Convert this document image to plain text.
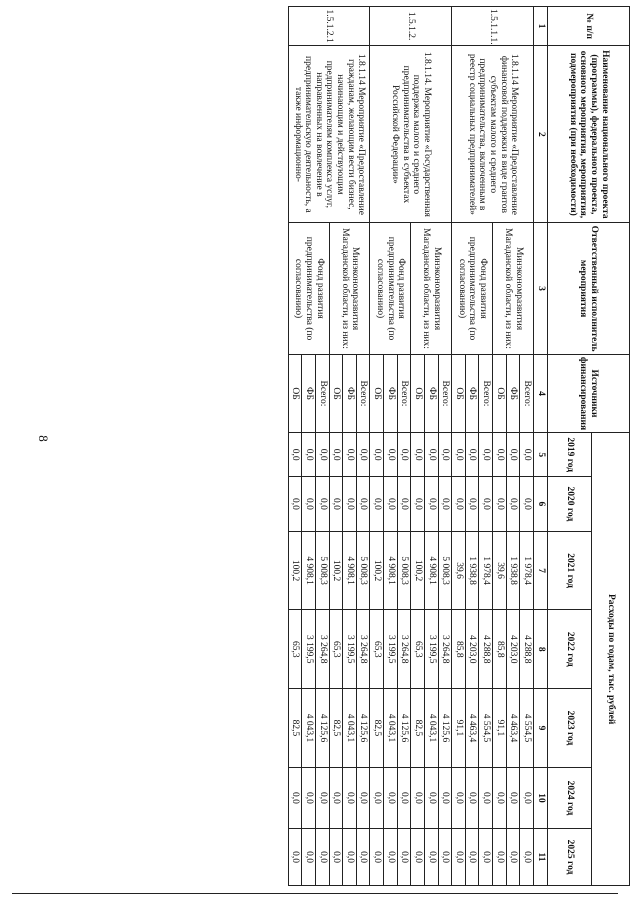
8
№ п/п	Наименование национального проекта (программы), федерального проекта, основного мероприятия, мероприятия, подмероприятия (при необходимости)	Ответственный исполнитель мероприятия	Источники финансирования	Расходы по годам, тыс. рублей						
				2019 год	2020 год	2021 год	2022 год	2023 год	2024 год	2025 год
1	2	3	4	5	6	7	8	9	10	11
1.5.1.1.1.	1.8.1.14 Мероприятие «Предоставление финансовой поддержки в виде грантов субъектам малого и среднего предпринимательства, включенным в реестр социальных предпринимателей»	Минэкономразвития Магаданской области, из них:	Всего:	0,0	0,0	1 978,4	4 288,8	4 554,5	0,0	0,0
			ФБ	0,0	0,0	1 938,8	4 203,0	4 463,4	0,0	0,0
			ОБ	0,0	0,0	39,6	85,8	91,1	0,0	0,0
		Фонд развития предпринимательства (по согласованию)	Всего:	0,0	0,0	1 978,4	4 288,8	4 554,5	0,0	0,0
			ФБ	0,0	0,0	1 938,8	4 203,0	4 463,4	0,0	0,0
			ОБ	0,0	0,0	39,6	85,8	91,1	0,0	0,0
1.5.1.2.	1.8.1.14. Мероприятие «Государственная поддержка малого и среднего предпринимательства в субъектах Российской Федерации»	Минэкономразвития Магаданской области, из них:	Всего:	0,0	0,0	5 008,3	3 264,8	4 125,6	0,0	0,0
			ФБ	0,0	0,0	4 908,1	3 199,5	4 043,1	0,0	0,0
			ОБ	0,0	0,0	100,2	65,3	82,5	0,0	0,0
		Фонд развития предпринимательства (по согласованию)	Всего:	0,0	0,0	5 008,3	3 264,8	4 125,6	0,0	0,0
			ФБ	0,0	0,0	4 908,1	3 199,5	4 043,1	0,0	0,0
			ОБ	0,0	0,0	100,2	65,3	82,5	0,0	0,0
1.5.1.2.1	1.8.1.14 Мероприятие «Предоставление гражданам, желающим вести бизнес, начинающим и действующим предпринимателям комплекса услуг, направленных на вовлечение в предпринимательскую деятельность, а также информационно-	Минэкономразвития Магаданской области, из них:	Всего:	0,0	0,0	5 008,3	3 264,8	4 125,6	0,0	0,0
			ФБ	0,0	0,0	4 908,1	3 199,5	4 043,1	0,0	0,0
			ОБ	0,0	0,0	100,2	65,3	82,5	0,0	0,0
		Фонд развития предпринимательства (по согласованию)	Всего:	0,0	0,0	5 008,3	3 264,8	4 125,6	0,0	0,0
			ФБ	0,0	0,0	4 908,1	3 199,5	4 043,1	0,0	0,0
			ОБ	0,0	0,0	100,2	65,3	82,5	0,0	0,0
